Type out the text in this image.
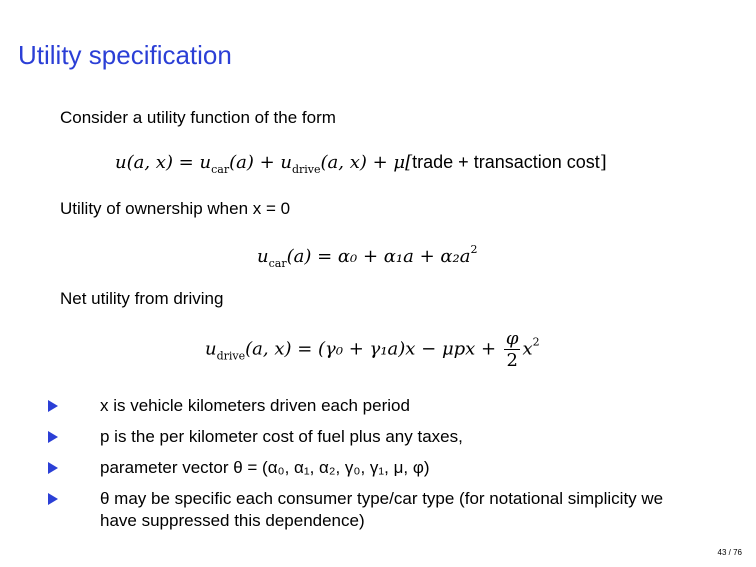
Utility specification
Consider a utility function of the form
u(a, $x) = u_{car}(a) + u_{drive}(a$, x) + μ[trade + transaction cost]
Utility of ownership when x = 0
$u_{car}(a) = \alpha_0 + \alpha_1a + \alpha_2a^2$
Net utility from driving
$u_{drive}(a$, $x) = (\gamma_0 + \gamma_1a)x - \mu px + \frac{\varphi}{2} x^2$
x is vehicle kilometers driven each period
p is the per kilometer cost of fuel plus any taxes,
parameter vector θ = (α₀, α₁, α₂, γ₀, γ₁, μ, φ)
θ may be specific each consumer type/car type (for notational simplicity we have suppressed this dependence)
43 / 76
